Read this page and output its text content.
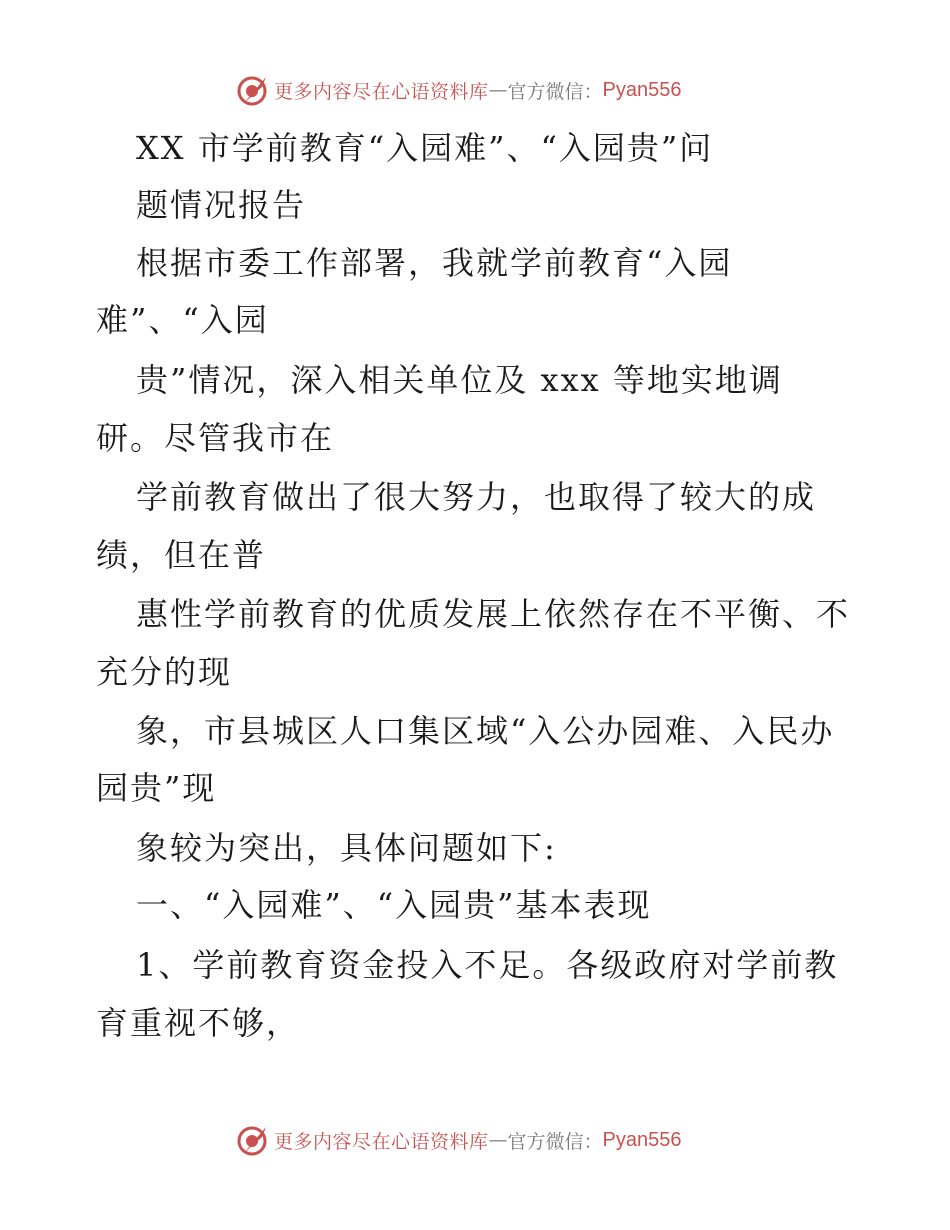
更多内容尽在心语资料库 — 官方微信： Pyan556
XX 市学前教育“入园难”、“入园贵”问
题情况报告
根据市委工作部署，我就学前教育“入园
难”、“入园
贵”情况，深入相关单位及 xxx 等地实地调
研。尽管我市在
学前教育做出了很大努力，也取得了较大的成
绩，但在普
惠性学前教育的优质发展上依然存在不平衡、不
充分的现
象，市县城区人口集区域“入公办园难、入民办
园贵”现
象较为突出，具体问题如下:
一、“入园难”、“入园贵”基本表现
1、学前教育资金投入不足。各级政府对学前教
育重视不够，
更多内容尽在心语资料库 — 官方微信： Pyan556
